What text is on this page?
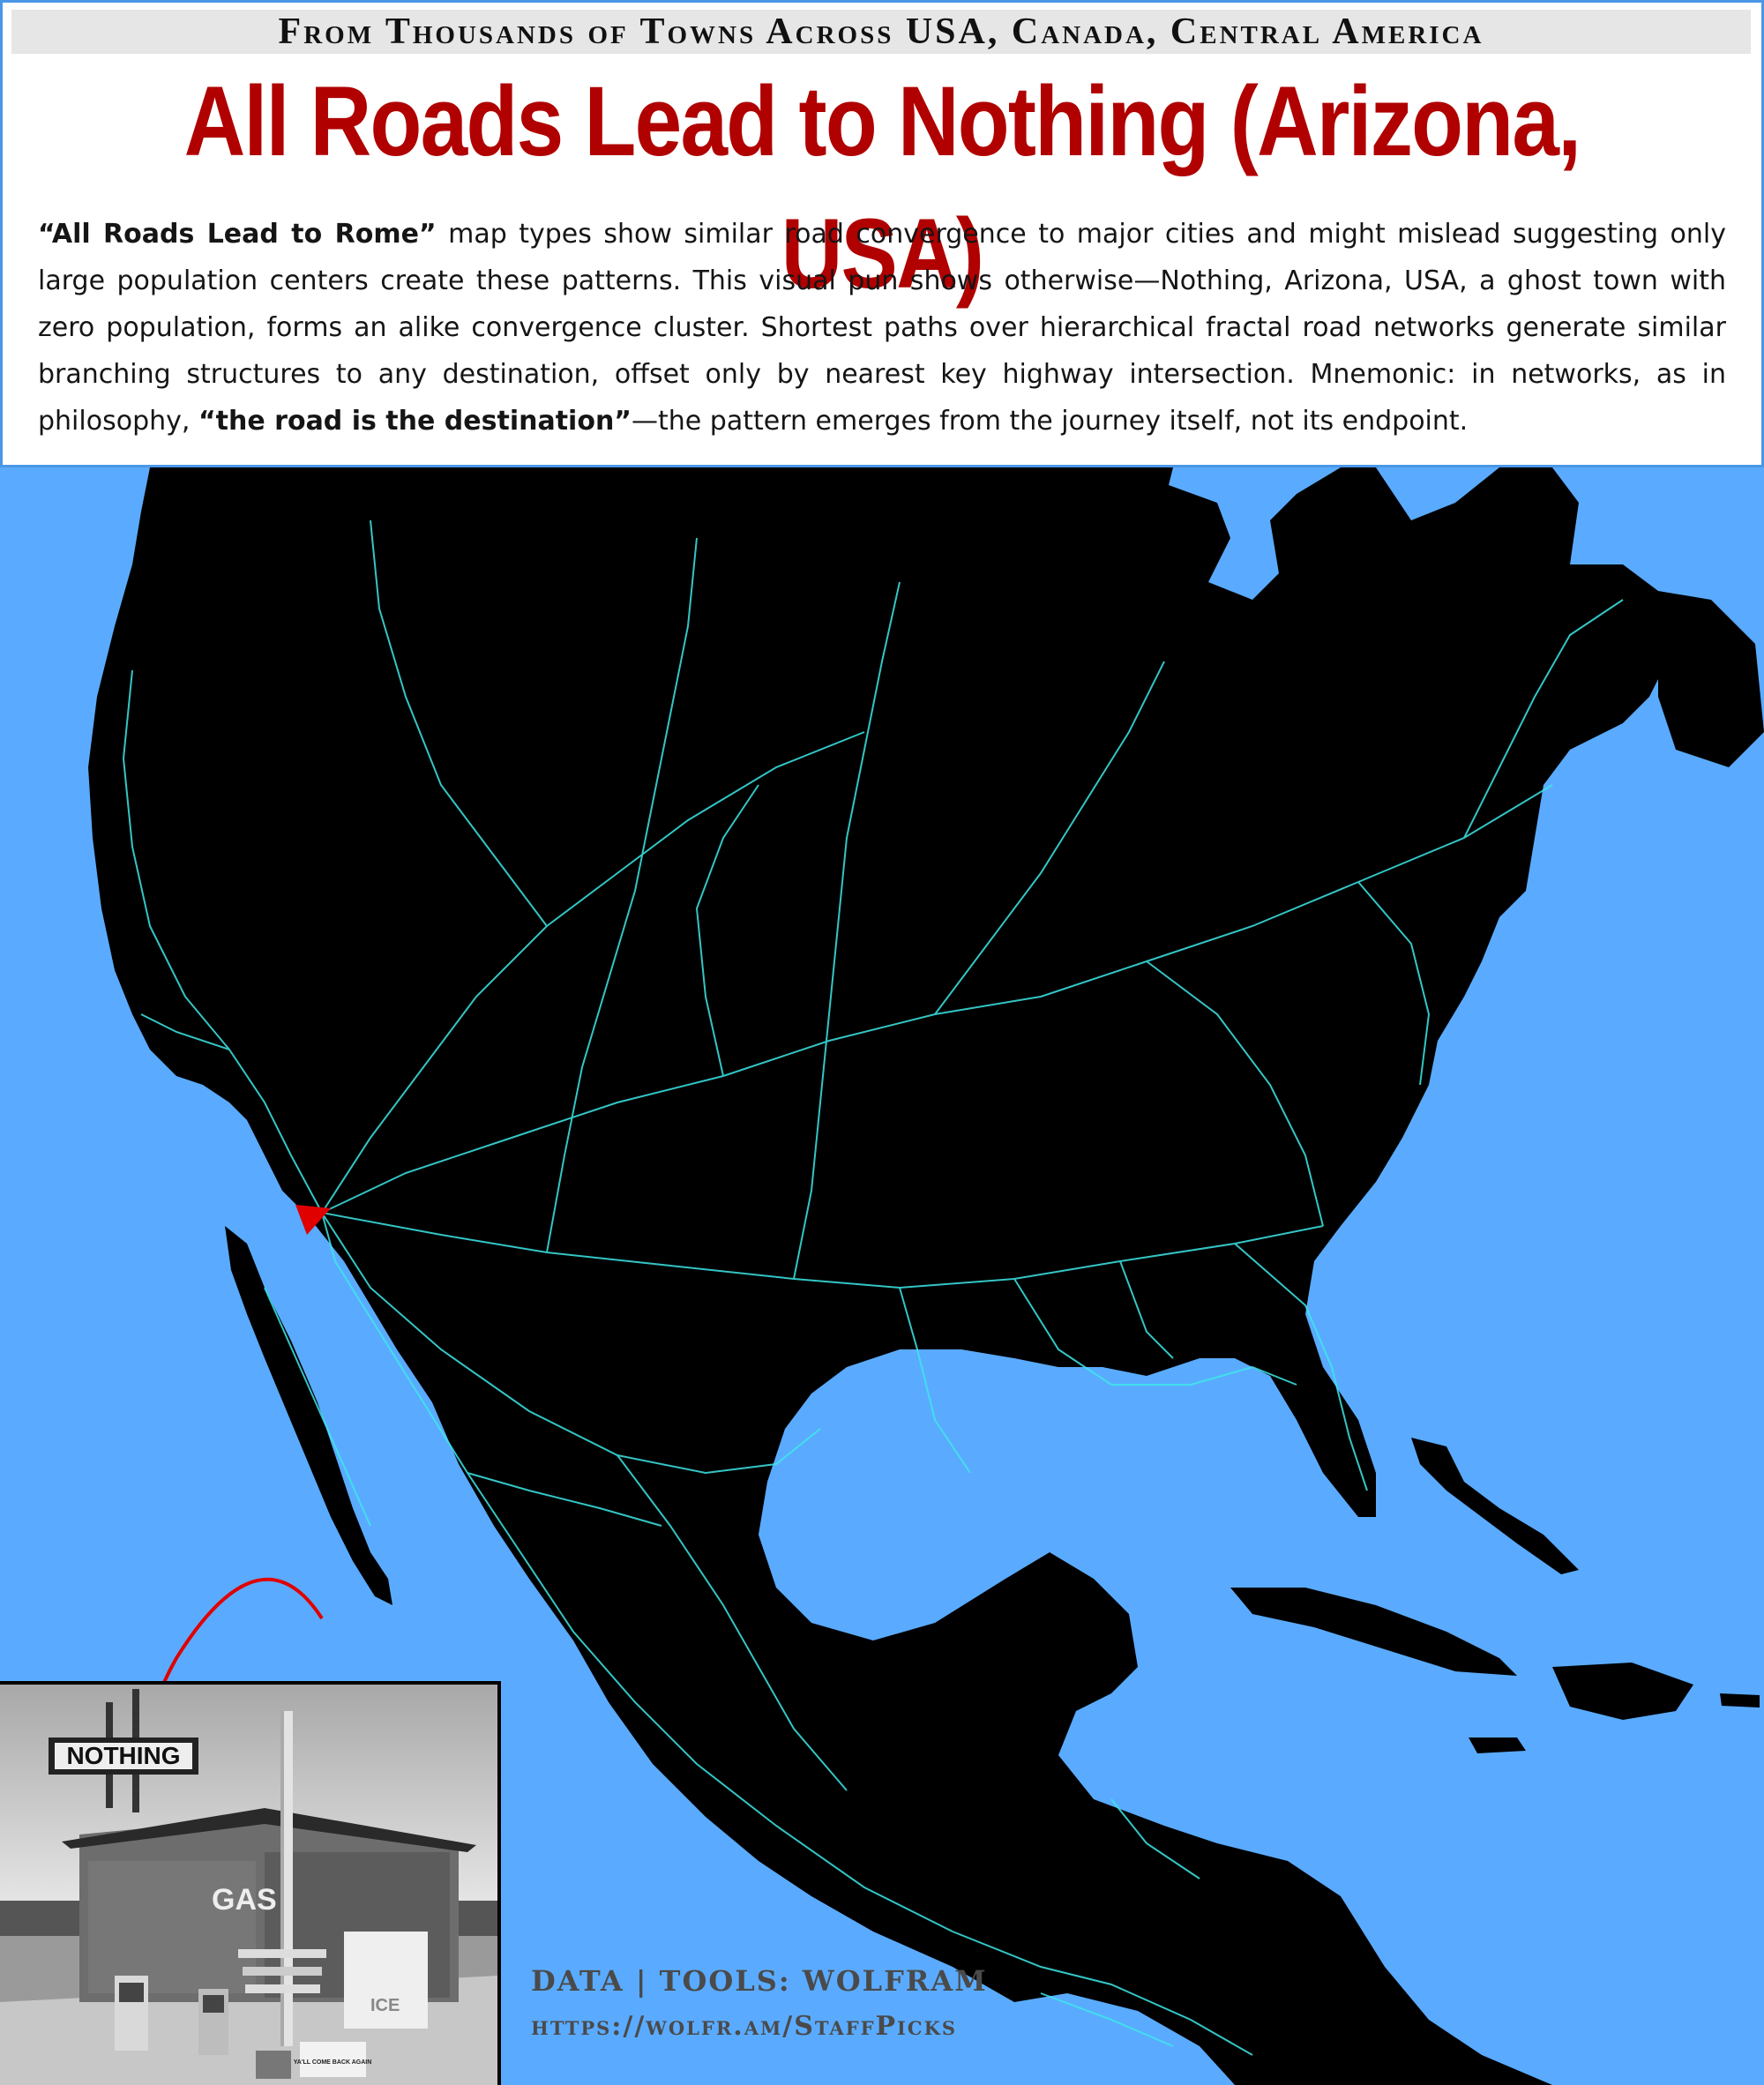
From Thousands of Towns Across USA, Canada, Central America
All Roads Lead to Nothing (Arizona, USA)
“All Roads Lead to Rome” map types show similar road convergence to major cities and might mislead suggesting only large population centers create these patterns. This visual pun shows otherwise—Nothing, Arizona, USA, a ghost town with zero population, forms an alike convergence cluster. Shortest paths over hierarchical fractal road networks generate similar branching structures to any destination, offset only by nearest key highway intersection. Mnemonic: in networks, as in philosophy, “the road is the destination”—the pattern emerges from the journey itself, not its endpoint.
NOTHING
GAS
ICE
YA'LL COME BACK AGAIN
DATA | TOOLS: WOLFRAM
https://wolfr.am/StaffPicks
